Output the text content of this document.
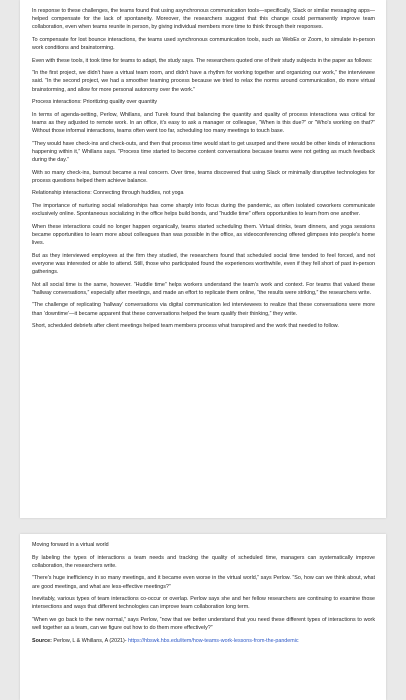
In response to these challenges, the teams found that using asynchronous communication tools—specifically, Slack or similar messaging apps—helped compensate for the lack of spontaneity. Moreover, the researchers suggest that this change could permanently improve team collaboration, even when teams reunite in person, by giving individual members more time to think through their responses.

To compensate for lost bounce interactions, the teams used synchronous communication tools, such as WebEx or Zoom, to simulate in-person work conditions and brainstorming.

Even with these tools, it took time for teams to adapt, the study says. The researchers quoted one of their study subjects in the paper as follows:

“In the first project, we didn't have a virtual team room, and didn't have a rhythm for working together and organizing our work,” the interviewee said. “In the second project, we had a smoother teaming process because we tried to relax the norms around communication, do more virtual brainstorming, and allow for more personal autonomy over the work.”

Process interactions: Prioritizing quality over quantity

In terms of agenda-setting, Perlow, Whillans, and Turek found that balancing the quantity and quality of process interactions was critical for teams as they adjusted to remote work. In an office, it's easy to ask a manager or colleague, “When is this due?” or “Who's working on that?” Without those informal interactions, teams often went too far, scheduling too many meetings to touch base.

“They would have check-ins and check-outs, and then that process time would start to get usurped and there would be other kinds of interactions happening within it,” Whillans says. “Process time started to become content conversations because teams were not getting as much feedback during the day.”

With so many check-ins, burnout became a real concern. Over time, teams discovered that using Slack or minimally disruptive technologies for process questions helped them achieve balance.

Relationship interactions: Connecting through huddles, not yoga

The importance of nurturing social relationships has come sharply into focus during the pandemic, as often isolated coworkers communicate exclusively online. Spontaneous socializing in the office helps build bonds, and “huddle time” offers opportunities to learn from one another.

When these interactions could no longer happen organically, teams started scheduling them. Virtual drinks, team dinners, and yoga sessions became opportunities to learn more about colleagues than was possible in the office, as videoconferencing offered glimpses into people's home lives.

But as they interviewed employees at the firm they studied, the researchers found that scheduled social time tended to feel forced, and not everyone was interested or able to attend. Still, those who participated found the experiences worthwhile, even if they fell short of past in-person gatherings.

Not all social time is the same, however. “Huddle time” helps workers understand the team's work and context. For teams that valued these “hallway conversations,” especially after meetings, and made an effort to replicate them online, “the results were striking,” the researchers write.

“The challenge of replicating ‘hallway’ conversations via digital communication led interviewees to realize that these conversations were more than ‘downtime’—it became apparent that these conversations helped the team qualify their thinking,” they write.

Short, scheduled debriefs after client meetings helped team members process what transpired and the work that needed to follow.

Moving forward in a virtual world

By labeling the types of interactions a team needs and tracking the quality of scheduled time, managers can systematically improve collaboration, the researchers write.

“There's huge inefficiency in so many meetings, and it became even worse in the virtual world,” says Perlow. “So, how can we think about, what are good meetings, and what are less-effective meetings?”

Inevitably, various types of team interactions co-occur or overlap. Perlow says she and her fellow researchers are continuing to examine those intersections and ways that different technologies can improve team collaboration long term.

“When we go back to the new normal,” says Perlow, “now that we better understand that you need these different types of interactions to work well together as a team, can we figure out how to do them more effectively?”

Source: Perlow, L & Whillans, A (2021)- https://hbswk.hbs.edu/item/how-teams-work-lessons-from-the-pandemic
